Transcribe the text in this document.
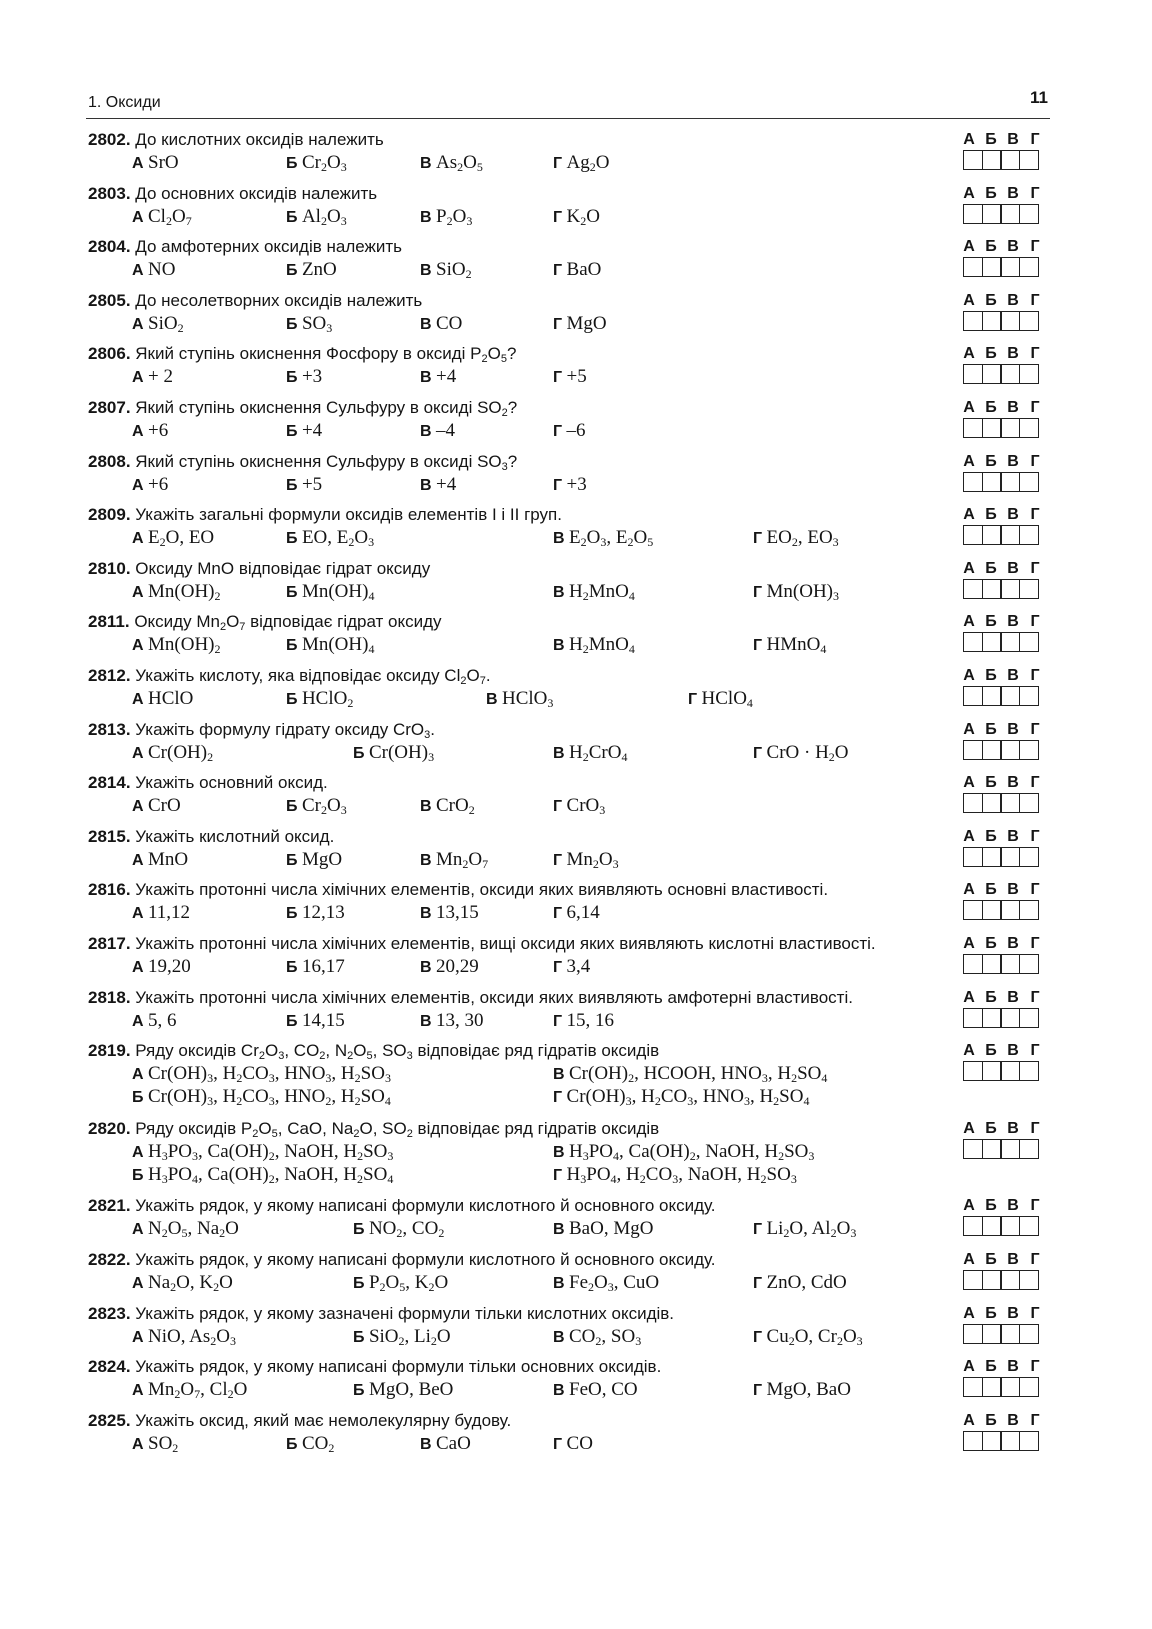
1. Оксиди	11
2802. До кислотних оксидів належить
А SrO	Б $Cr_2O_3$	В $As_2O_5$	Г $Ag_2O$
А Б В Г
2803. До основних оксидів належить
А $Cl_2O_7$	Б $Al_2O_3$	В $P_2O_3$	Г $K_2O$
А Б В Г
2804. До амфотерних оксидів належить
А NO	Б ZnO	В SiO$_2$	Г BaO
А Б В Г
2805. До несолетворних оксидів належить
А SiO$_2$	Б $SO_3$	В CO	Г MgO
А Б В Г
2806. Який ступінь окиснення Фосфору в оксиді $P_2O_5$?
А + 2	Б +3	В +4	Г +5
А Б В Г
2807. Який ступінь окиснення Сульфуру в оксиді $SO_2$?
А +6	Б +4	В –4	Г –6
А Б В Г
2808. Який ступінь окиснення Сульфуру в оксиді $SO_3$?
А +6	Б +5	В +4	Г +3
А Б В Г
2809. Укажіть загальні формули оксидів елементів I і II груп.
А $E_2O$, EO	Б EO, $E_2O_3$	В $E_2O_3$, $E_2O_5$	Г $EO_2$, $EO_3$
А Б В Г
2810. Оксиду MnO відповідає гідрат оксиду
А $Mn(OH)_2$	Б $Mn(OH)_4$	В $H_2MnO_4$	Г $Mn(OH)_3$
А Б В Г
2811. Оксиду $Mn_2O_7$ відповідає гідрат оксиду
А $Mn(OH)_2$	Б $Mn(OH)_4$	В $H_2MnO_4$	Г HMnO$_4$
А Б В Г
2812. Укажіть кислоту, яка відповідає оксиду $Cl_2O_7$.
А HClO	Б HClO$_2$	В HClO$_3$	Г HClO$_4$
А Б В Г
2813. Укажіть формулу гідрату оксиду CrO$_3$.
А $Cr(OH)_2$	Б $Cr(OH)_3$	В $H_2CrO_4$	Г CrO · $H_2O$
А Б В Г
2814. Укажіть основний оксид.
А CrO	Б $Cr_2O_3$	В CrO$_2$	Г CrO$_3$
А Б В Г
2815. Укажіть кислотний оксид.
А MnO	Б MgO	В $Mn_2O_7$	Г $Mn_2O_3$
А Б В Г
2816. Укажіть протонні числа хімічних елементів, оксиди яких виявляють основні властивості.
А 11,12	Б 12,13	В 13,15	Г 6,14
А Б В Г
2817. Укажіть протонні числа хімічних елементів, вищі оксиди яких виявляють кислотні властивості.
А 19,20	Б 16,17	В 20,29	Г 3,4
А Б В Г
2818. Укажіть протонні числа хімічних елементів, оксиди яких виявляють амфотерні властивості.
А 5, 6	Б 14,15	В 13, 30	Г 15, 16
А Б В Г
2819. Ряду оксидів $Cr_2O_3$, $CO_2$, $N_2O_5$, $SO_3$ відповідає ряд гідратів оксидів
А $Cr(OH)_3$, $H_2CO_3$, $HNO_3$, $H_2SO_3$	В $Cr(OH)_2$, HCOOH, $HNO_3$, $H_2SO_4$
Б $Cr(OH)_3$, $H_2CO_3$, $HNO_2$, $H_2SO_4$	Г $Cr(OH)_3$, $H_2CO_3$, $HNO_3$, $H_2SO_4$
А Б В Г
2820. Ряду оксидів $P_2O_5$, CaO, $Na_2O$, $SO_2$ відповідає ряд гідратів оксидів
А $H_3PO_3$, $Ca(OH)_2$, NaOH, $H_2SO_3$	В $H_3PO_4$, $Ca(OH)_2$, NaOH, $H_2SO_3$
Б $H_3PO_4$, $Ca(OH)_2$, NaOH, $H_2SO_4$	Г $H_3PO_4$, $H_2CO_3$, NaOH, $H_2SO_3$
А Б В Г
2821. Укажіть рядок, у якому написані формули кислотного й основного оксиду.
А $N_2O_5$, $Na_2O$	Б $NO_2$, $CO_2$	В BaO, MgO	Г $Li_2O$, $Al_2O_3$
А Б В Г
2822. Укажіть рядок, у якому написані формули кислотного й основного оксиду.
А $Na_2O$, $K_2O$	Б $P_2O_5$, $K_2O$	В $Fe_2O_3$, CuO	Г ZnO, CdO
А Б В Г
2823. Укажіть рядок, у якому зазначені формули тільки кислотних оксидів.
А NiO, $As_2O_3$	Б SiO$_2$, $Li_2O$	В $CO_2$, $SO_3$	Г $Cu_2O$, $Cr_2O_3$
А Б В Г
2824. Укажіть рядок, у якому написані формули тільки основних оксидів.
А $Mn_2O_7$, $Cl_2O$	Б MgO, BeO	В FeO, CO	Г MgO, BaO
А Б В Г
2825. Укажіть оксид, який має немолекулярну будову.
А $SO_2$	Б $CO_2$	В CaO	Г CO
А Б В Г
